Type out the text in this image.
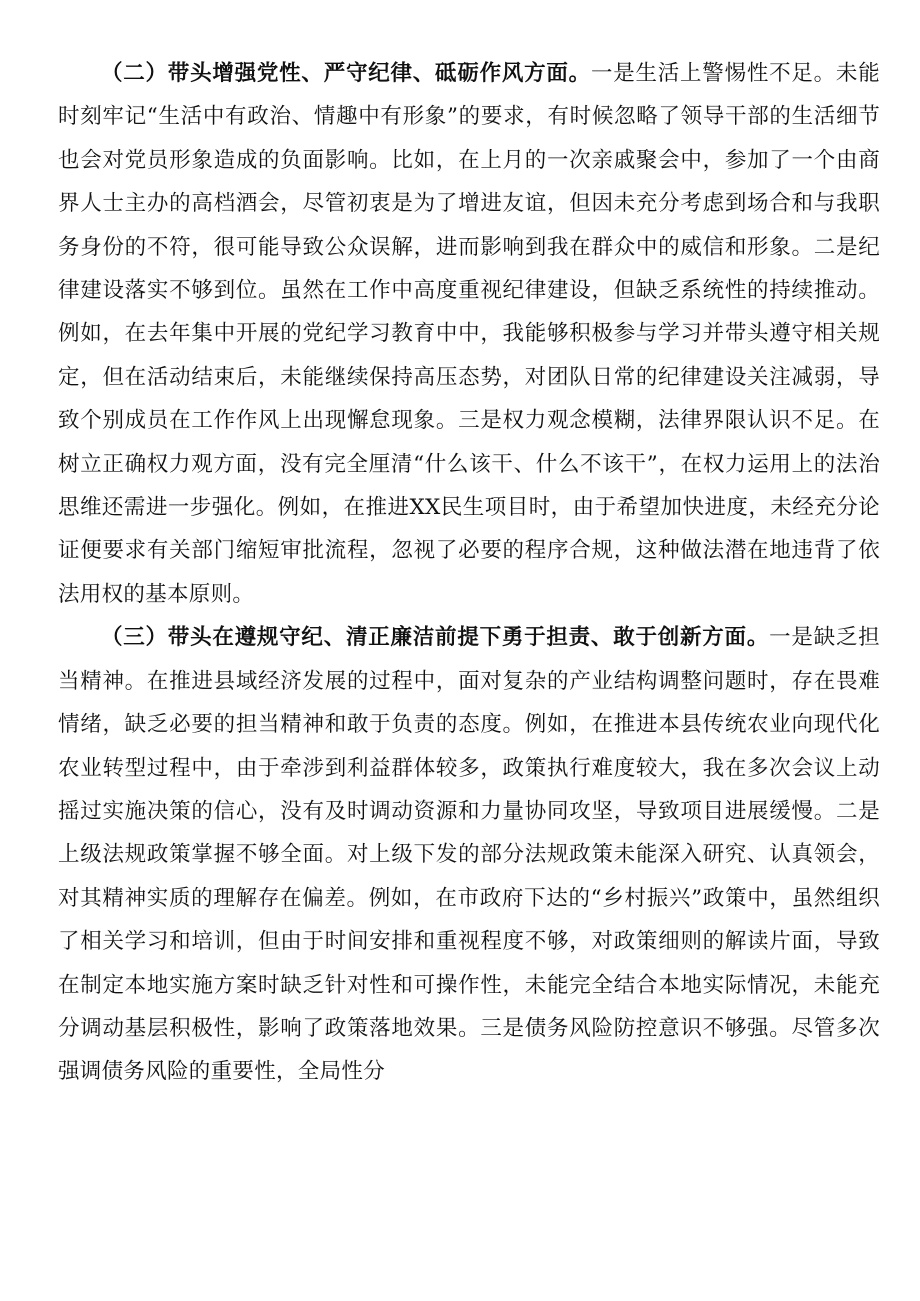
（二）带头增强党性、严守纪律、砥砺作风方面。一是生活上警惕性不足。未能时刻牢记“生活中有政治、情趣中有形象”的要求，有时候忽略了领导干部的生活细节也会对党员形象造成的负面影响。比如，在上月的一次亲戚聚会中，参加了一个由商界人士主办的高档酒会，尽管初衷是为了增进友谊，但因未充分考虑到场合和与我职务身份的不符，很可能导致公众误解，进而影响到我在群众中的威信和形象。二是纪律建设落实不够到位。虽然在工作中高度重视纪律建设，但缺乏系统性的持续推动。例如，在去年集中开展的党纪学习教育中中，我能够积极参与学习并带头遵守相关规定，但在活动结束后，未能继续保持高压态势，对团队日常的纪律建设关注减弱，导致个别成员在工作作风上出现懈怠现象。三是权力观念模糊，法律界限认识不足。在树立正确权力观方面，没有完全厘清“什么该干、什么不该干”，在权力运用上的法治思维还需进一步强化。例如，在推进XX民生项目时，由于希望加快进度，未经充分论证便要求有关部门缩短审批流程，忽视了必要的程序合规，这种做法潜在地违背了依法用权的基本原则。

（三）带头在遵规守纪、清正廉洁前提下勇于担责、敢于创新方面。一是缺乏担当精神。在推进县域经济发展的过程中，面对复杂的产业结构调整问题时，存在畏难情绪，缺乏必要的担当精神和敢于负责的态度。例如，在推进本县传统农业向现代化农业转型过程中，由于牵涉到利益群体较多，政策执行难度较大，我在多次会议上动摇过实施决策的信心，没有及时调动资源和力量协同攻坚，导致项目进展缓慢。二是上级法规政策掌握不够全面。对上级下发的部分法规政策未能深入研究、认真领会，对其精神实质的理解存在偏差。例如，在市政府下达的“乡村振兴”政策中，虽然组织了相关学习和培训，但由于时间安排和重视程度不够，对政策细则的解读片面，导致在制定本地实施方案时缺乏针对性和可操作性，未能完全结合本地实际情况，未能充分调动基层积极性，影响了政策落地效果。三是债务风险防控意识不够强。尽管多次强调债务风险的重要性，全局性分
